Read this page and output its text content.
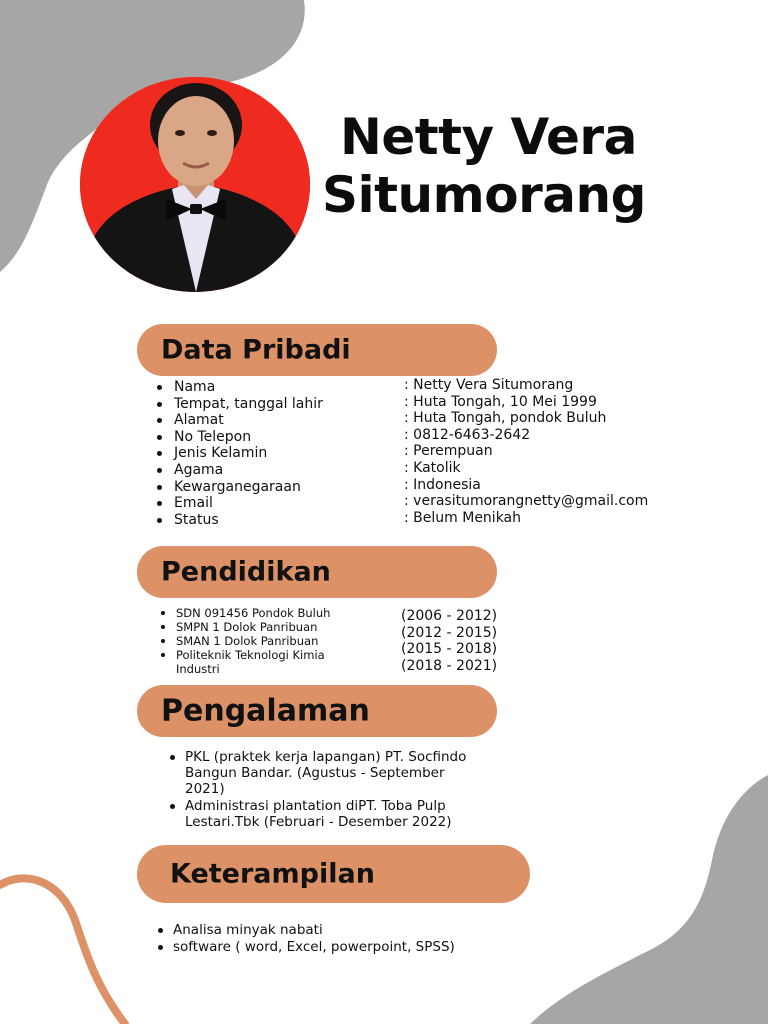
Netty Vera
Situmorang
Data Pribadi
Nama
Tempat, tanggal lahir
Alamat
No Telepon
Jenis Kelamin
Agama
Kewarganegaraan
Email
Status
: Netty Vera Situmorang
: Huta Tongah, 10 Mei 1999
: Huta Tongah, pondok Buluh
: 0812-6463-2642
: Perempuan
: Katolik
: Indonesia
: verasitumorangnetty@gmail.com
: Belum Menikah
Pendidikan
SDN 091456 Pondok Buluh
SMPN 1 Dolok Panribuan
SMAN 1 Dolok Panribuan
Politeknik Teknologi Kimia
Industri
(2006 - 2012)
(2012 - 2015)
(2015 - 2018)
(2018 - 2021)
Pengalaman
PKL (praktek kerja lapangan) PT. Socfindo
Bangun Bandar. (Agustus - September
2021)
Administrasi plantation diPT. Toba Pulp
Lestari.Tbk (Februari - Desember 2022)
Keterampilan
Analisa minyak nabati
software ( word, Excel, powerpoint, SPSS)
